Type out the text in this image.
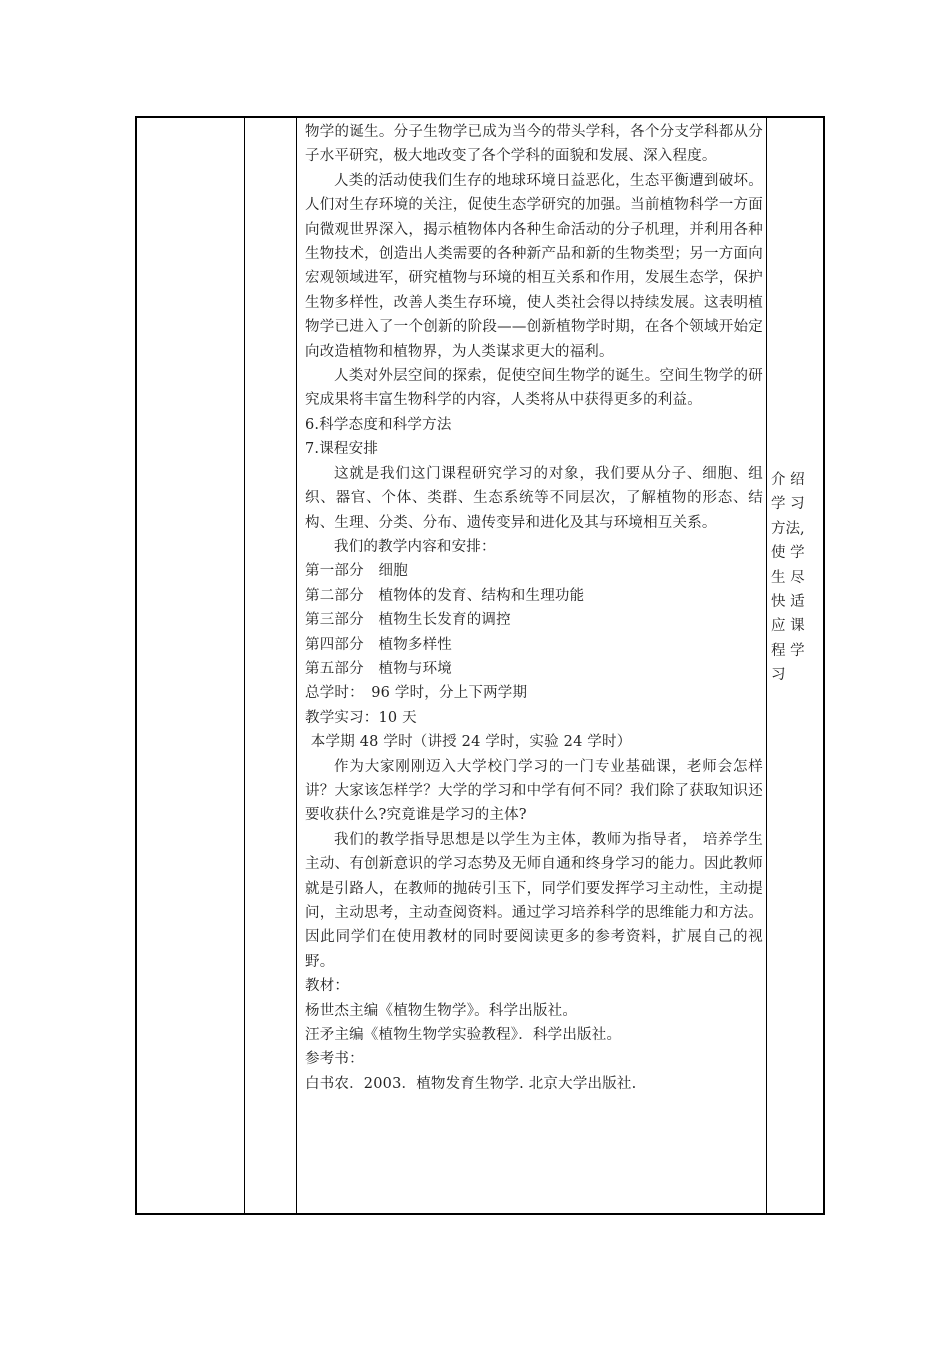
物学的诞生。分子生物学已成为当今的带头学科，各个分支学科都从分子水平研究，极大地改变了各个学科的面貌和发展、深入程度。

人类的活动使我们生存的地球环境日益恶化，生态平衡遭到破坏。人们对生存环境的关注，促使生态学研究的加强。当前植物科学一方面向微观世界深入，揭示植物体内各种生命活动的分子机理，并利用各种生物技术，创造出人类需要的各种新产品和新的生物类型；另一方面向宏观领域进军，研究植物与环境的相互关系和作用，发展生态学，保护生物多样性，改善人类生存环境，使人类社会得以持续发展。这表明植物学已进入了一个创新的阶段——创新植物学时期，在各个领域开始定向改造植物和植物界，为人类谋求更大的福利。

人类对外层空间的探索，促使空间生物学的诞生。空间生物学的研究成果将丰富生物科学的内容，人类将从中获得更多的利益。

6.科学态度和科学方法

7.课程安排

这就是我们这门课程研究学习的对象，我们要从分子、细胞、组织、器官、个体、类群、生态系统等不同层次，了解植物的形态、结构、生理、分类、分布、遗传变异和进化及其与环境相互关系。

我们的教学内容和安排：

第一部分　细胞

第二部分　植物体的发育、结构和生理功能

第三部分　植物生长发育的调控

第四部分　植物多样性

第五部分　植物与环境

总学时：　96 学时，分上下两学期

教学实习：10 天

本学期 48 学时（讲授 24 学时，实验 24 学时）

作为大家刚刚迈入大学校门学习的一门专业基础课，老师会怎样讲？大家该怎样学？大学的学习和中学有何不同？我们除了获取知识还要收获什么?究竟谁是学习的主体?

我们的教学指导思想是以学生为主体，教师为指导者， 培养学生主动、有创新意识的学习态势及无师自通和终身学习的能力。因此教师就是引路人，在教师的抛砖引玉下，同学们要发挥学习主动性，主动提问，主动思考，主动查阅资料。通过学习培养科学的思维能力和方法。因此同学们在使用教材的同时要阅读更多的参考资料，扩展自己的视野。

教材：

杨世杰主编《植物生物学》。科学出版社。

汪矛主编《植物生物学实验教程》．科学出版社。

参考书：

白书农．2003．植物发育生物学. 北京大学出版社.

介 绍
学 习
方法,
使 学
生 尽
快 适
应 课
程 学
习
